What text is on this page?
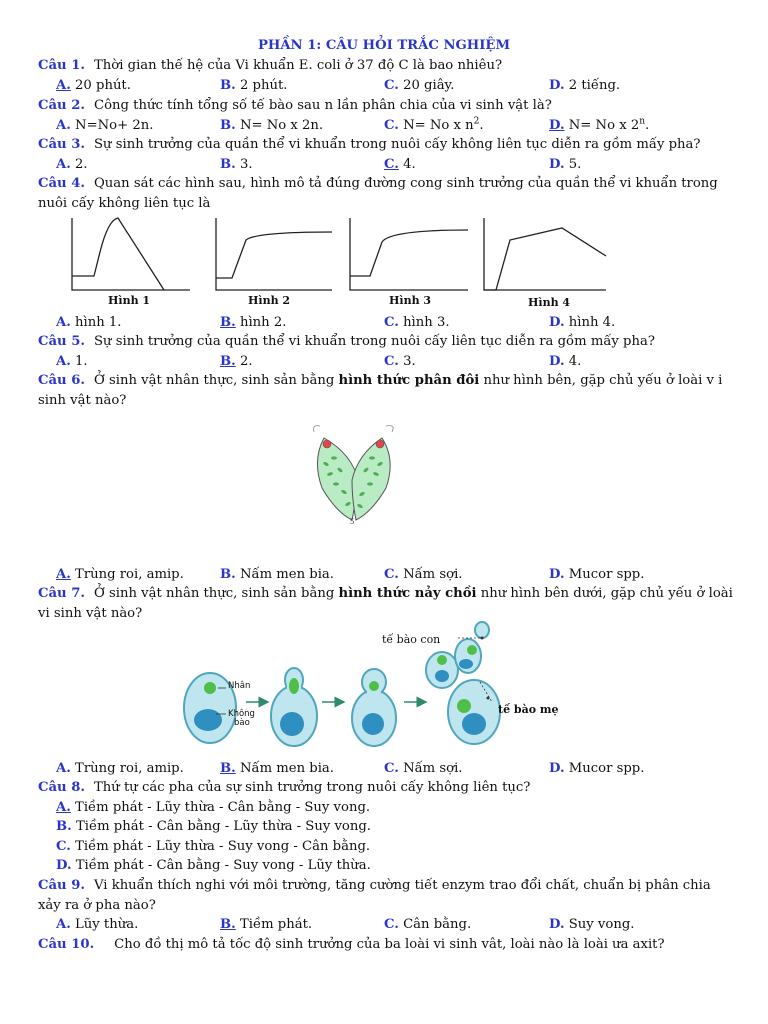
PHẦN 1: CÂU HỎI TRẮC NGHIỆM
Câu 1. Thời gian thế hệ của Vi khuẩn E. coli ở 37 độ C là bao nhiêu?
A. 20 phút.	B. 2 phút.	C. 20 giây.	D. 2 tiếng.
Câu 2. Công thức tính tổng số tế bào sau n lần phân chia của vi sinh vật là?
A. N=No+ 2n.	B. N= No x 2n.	C. N= No x $n^2$.	D. N= No x 2$^n$.
Câu 3. Sự sinh trưởng của quần thể vi khuẩn trong nuôi cấy không liên tục diễn ra gồm mấy pha?
A. 2.	B. 3.	C. 4.	D. 5.
Câu 4. Quan sát các hình sau, hình mô tả đúng đường cong sinh trưởng của quần thể vi khuẩn trong nuôi cấy không liên tục là
Hình 1	Hình 2	Hình 3	Hình 4
A. hình 1.	B. hình 2.	C. hình 3.	D. hình 4.
Câu 5. Sự sinh trưởng của quần thể vi khuẩn trong nuôi cấy liên tục diễn ra gồm mấy pha?
A. 1.	B. 2.	C. 3.	D. 4.
Câu 6. Ở sinh vật nhân thực, sinh sản bằng hình thức phân đôi như hình bên, gặp chủ yếu ở loài v i sinh vật nào?
5
A. Trùng roi, amip.	B. Nấm men bia.	C. Nấm sợi.	D. Mucor spp.
Câu 7. Ở sinh vật nhân thực, sinh sản bằng hình thức nảy chồi như hình bên dưới, gặp chủ yếu ở loài vi sinh vật nào?
Nhân
Không
bào
tế bào con
tế bào mẹ
A. Trùng roi, amip.	B. Nấm men bia.	C. Nấm sợi.	D. Mucor spp.
Câu 8. Thứ tự các pha của sự sinh trưởng trong nuôi cấy không liên tục?
A. Tiềm phát - Lũy thừa - Cân bằng - Suy vong.
B. Tiềm phát - Cân bằng - Lũy thừa - Suy vong.
C. Tiềm phát - Lũy thừa - Suy vong - Cân bằng.
D. Tiềm phát - Cân bằng - Suy vong - Lũy thừa.
Câu 9. Vi khuẩn thích nghi với môi trường, tăng cường tiết enzym trao đổi chất, chuẩn bị phân chia xảy ra ở pha nào?
A. Lũy thừa.	B. Tiềm phát.	C. Cân bằng.	D. Suy vong.
Câu 10. Cho đồ thị mô tả tốc độ sinh trưởng của ba loài vi sinh vât, loài nào là loài ưa axit?
